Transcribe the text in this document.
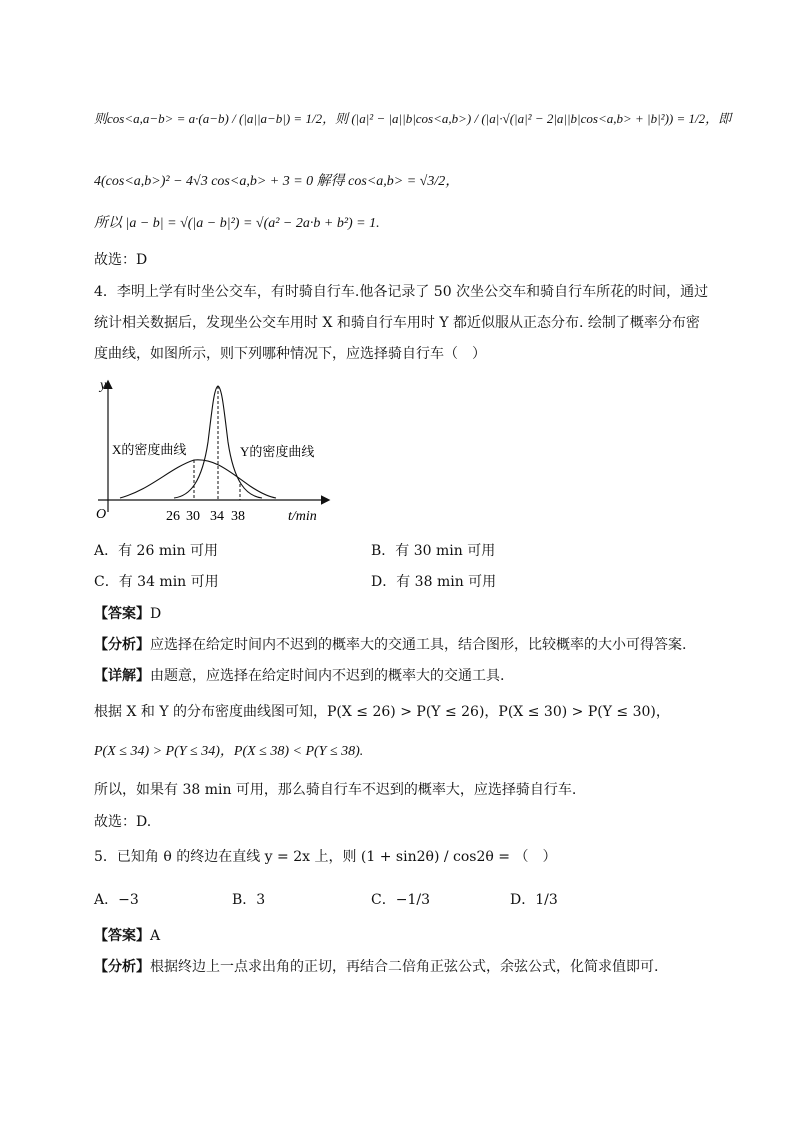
则cos<a,a−b> = a·(a−b) / (|a||a−b|) = 1/2，则 (|a|² − |a||b|cos<a,b>) / (|a|·√(|a|² − 2|a||b|cos<a,b> + |b|²)) = 1/2，即
4(cos<a,b>)² − 4√3 cos<a,b> + 3 = 0 解得 cos<a,b> = √3/2，
所以 |a − b| = √(|a − b|²) = √(a² − 2a·b + b²) = 1.
故选：D
4．李明上学有时坐公交车，有时骑自行车.他各记录了 50 次坐公交车和骑自行车所花的时间，通过
统计相关数据后，发现坐公交车用时 X 和骑自行车用时 Y 都近似服从正态分布. 绘制了概率分布密
度曲线，如图所示，则下列哪种情况下，应选择骑自行车（　）
y
O	t/min
X的密度曲线	Y的密度曲线
26 30 34 38
A．有 26 min 可用	B．有 30 min 可用
C．有 34 min 可用	D．有 38 min 可用
【答案】D
【分析】应选择在给定时间内不迟到的概率大的交通工具，结合图形，比较概率的大小可得答案.
【详解】由题意，应选择在给定时间内不迟到的概率大的交通工具.
根据 X 和 Y 的分布密度曲线图可知，P(X ≤ 26) > P(Y ≤ 26)，P(X ≤ 30) > P(Y ≤ 30)，
P(X ≤ 34) > P(Y ≤ 34)，P(X ≤ 38) < P(Y ≤ 38).
所以，如果有 38 min 可用，那么骑自行车不迟到的概率大，应选择骑自行车.
故选：D.
5．已知角 θ 的终边在直线 y = 2x 上，则 (1 + sin2θ) / cos2θ = （　）
A．−3	B．3	C．−1/3	D．1/3
【答案】A
【分析】根据终边上一点求出角的正切，再结合二倍角正弦公式，余弦公式，化简求值即可.
